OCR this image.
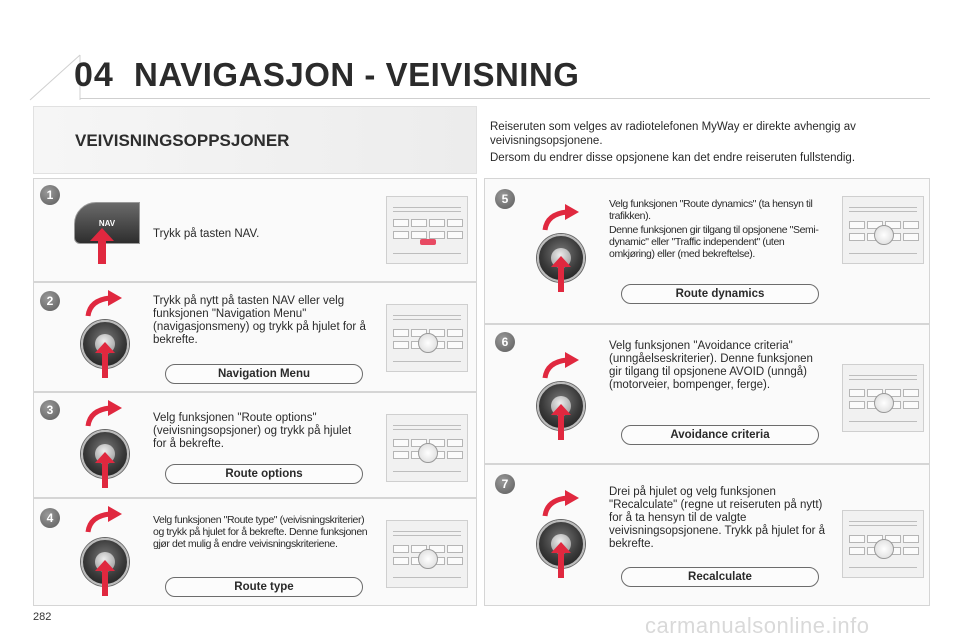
04 NAVIGASJON - VEIVISNING
VEIVISNINGSOPPSJONER

Reiseruten som velges av radiotelefonen MyWay er direkte avhengig av veivisningsopsjonene.

Dersom du endrer disse opsjonene kan det endre reiseruten fullstendig.

1
NAV
Trykk på tasten NAV.
2	Trykk på nytt på tasten NAV eller velg funksjonen "Navigation Menu" (navigasjonsmeny) og trykk på hjulet for å bekrefte.
Navigation Menu
3
Velg funksjonen "Route options" (veivisningsopsjoner) og trykk på hjulet for å bekrefte.
Route options
4	Velg funksjonen "Route type" (veivisningskriterier) og trykk på hjulet for å bekrefte. Denne funksjonen gjør det mulig å endre veivisningskriteriene.
Route type
5	Velg funksjonen "Route dynamics" (ta hensyn til trafikken).

Denne funksjonen gir tilgang til opsjonene "Semi-dynamic" eller "Traffic independent" (uten omkjøring) eller (med bekreftelse).

Route dynamics
6	Velg funksjonen "Avoidance criteria" (unngåelseskriterier). Denne funksjonen gir tilgang til opsjonene AVOID (unngå) (motorveier, bompenger, ferge).
Avoidance criteria
7
Drei på hjulet og velg funksjonen "Recalculate" (regne ut reiseruten på nytt) for å ta hensyn til de valgte veivisningsopsjonene. Trykk på hjulet for å bekrefte.
Recalculate
282	carmanualsonline.info
